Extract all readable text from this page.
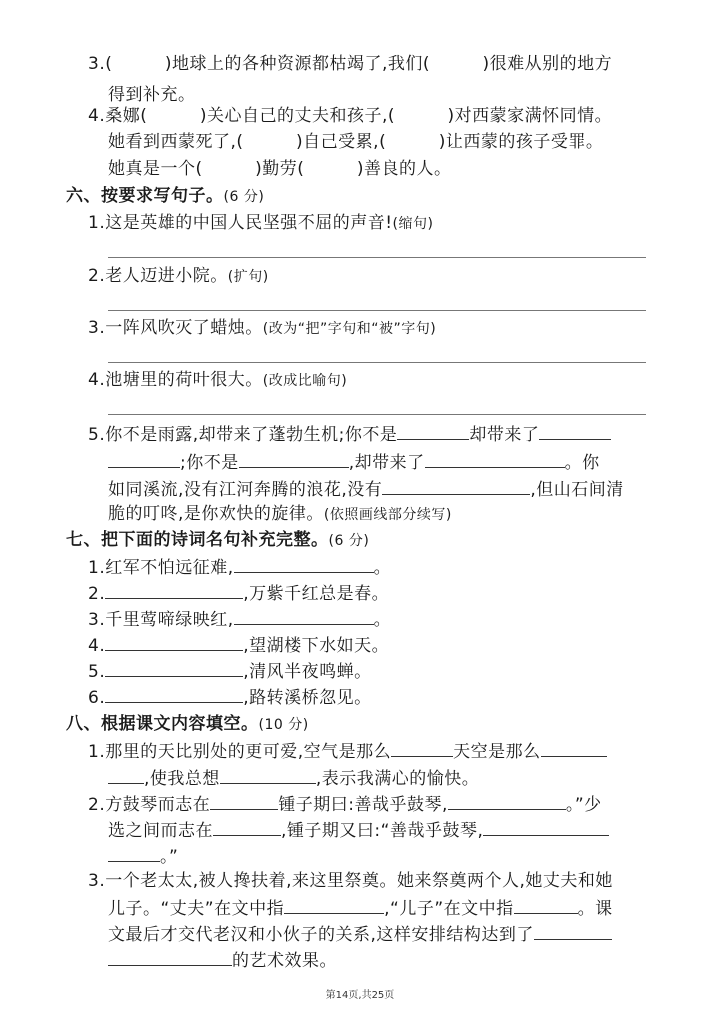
3.(　　　)地球上的各种资源都枯竭了,我们(　　　)很难从别的地方
得到补充。
4.桑娜(　　　)关心自己的丈夫和孩子,(　　　)对西蒙家满怀同情。
她看到西蒙死了,(　　　)自己受累,(　　　)让西蒙的孩子受罪。
她真是一个(　　　)勤劳(　　　)善良的人。
六、按要求写句子。(6 分)
1.这是英雄的中国人民坚强不屈的声音!(缩句)
2.老人迈进小院。(扩句)
3.一阵风吹灭了蜡烛。(改为“把”字句和“被”字句)
4.池塘里的荷叶很大。(改成比喻句)
5.你不是雨露,却带来了蓬勃生机;你不是	却带来了
;你不是	,却带来了	。你
如同溪流,没有江河奔腾的浪花,没有	,但山石间清
脆的叮咚,是你欢快的旋律。(依照画线部分续写)
七、把下面的诗词名句补充完整。(6 分)
1.红军不怕远征难,	。
2.	,万紫千红总是春。
3.千里莺啼绿映红,	。
4.	,望湖楼下水如天。
5.	,清风半夜鸣蝉。
6.	,路转溪桥忽见。
八、根据课文内容填空。(10 分)
1.那里的天比别处的更可爱,空气是那么	天空是那么
,使我总想	,表示我满心的愉快。
2.方鼓琴而志在	锺子期曰:善哉乎鼓琴,	。”少
选之间而志在	,锺子期又曰:“善哉乎鼓琴,
。”
3.一个老太太,被人搀扶着,来这里祭奠。她来祭奠两个人,她丈夫和她
儿子。“丈夫”在文中指	,“儿子”在文中指	。课
文最后才交代老汉和小伙子的关系,这样安排结构达到了
的艺术效果。
第14页,共25页
